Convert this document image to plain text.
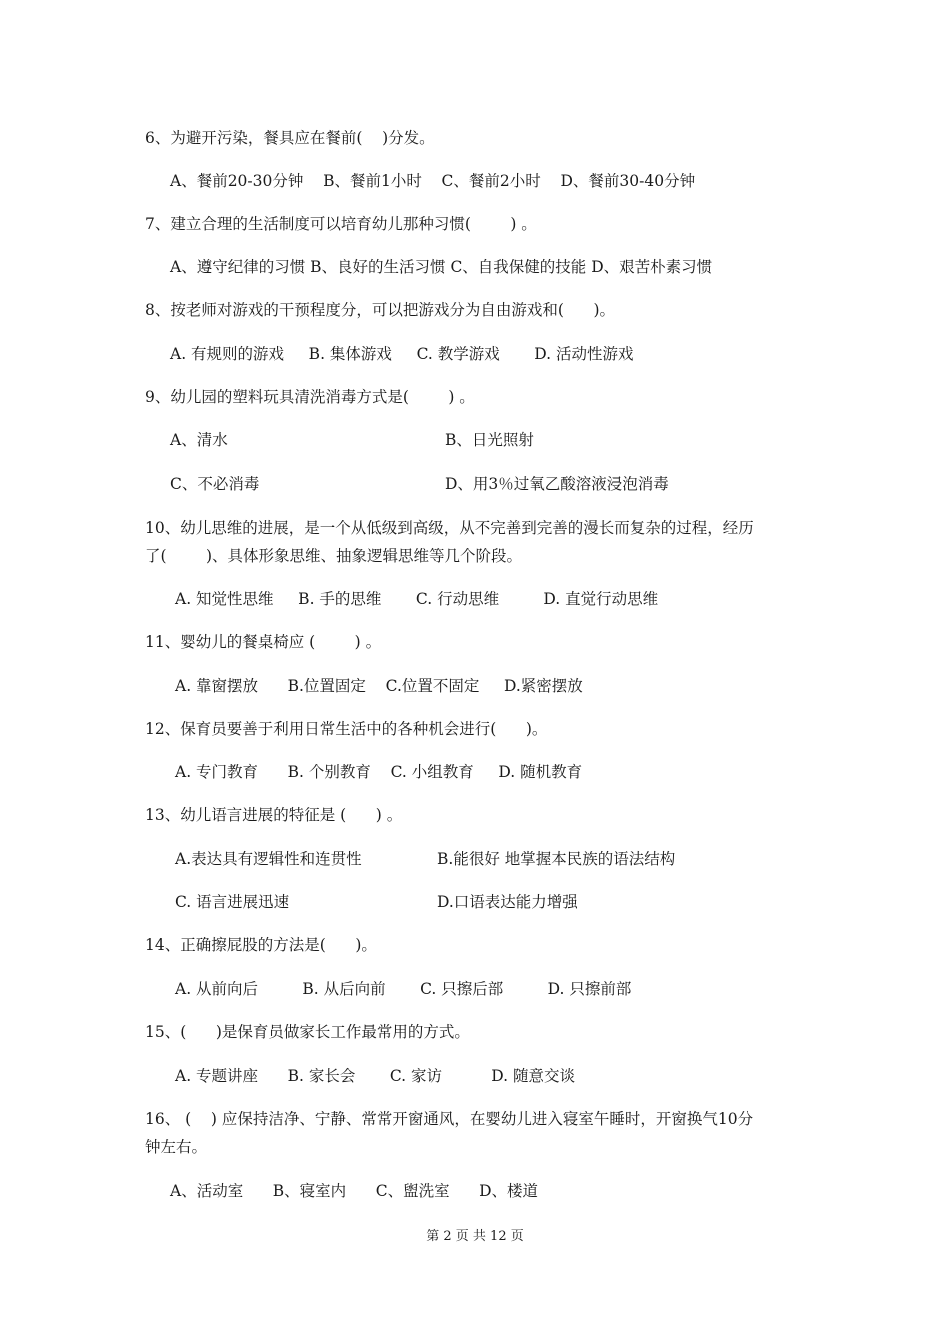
6、为避开污染，餐具应在餐前(    )分发。
A、餐前20-30分钟    B、餐前1小时    C、餐前2小时    D、餐前30-40分钟
7、建立合理的生活制度可以培育幼儿那种习惯(        ) 。
A、遵守纪律的习惯 B、良好的生活习惯 C、自我保健的技能 D、艰苦朴素习惯
8、按老师对游戏的干预程度分，可以把游戏分为自由游戏和(      )。
A. 有规则的游戏     B. 集体游戏     C. 教学游戏       D. 活动性游戏
9、幼儿园的塑料玩具清洗消毒方式是(        ) 。
A、清水	B、日光照射
C、不必消毒	D、用3％过氧乙酸溶液浸泡消毒
10、幼儿思维的进展，是一个从低级到高级，从不完善到完善的漫长而复杂的过程，经历
了(        )、具体形象思维、抽象逻辑思维等几个阶段。
A. 知觉性思维     B. 手的思维       C. 行动思维         D. 直觉行动思维
11、婴幼儿的餐桌椅应 (        ) 。
A. 靠窗摆放      B.位置固定    C.位置不固定     D.紧密摆放
12、保育员要善于利用日常生活中的各种机会进行(      )。
A. 专门教育      B. 个别教育    C. 小组教育     D. 随机教育
13、幼儿语言进展的特征是 (      ) 。
A.表达具有逻辑性和连贯性	B.能很好 地掌握本民族的语法结构
C. 语言进展迅速	D.口语表达能力增强
14、正确擦屁股的方法是(      )。
A. 从前向后         B. 从后向前       C. 只擦后部         D. 只擦前部
15、(      )是保育员做家长工作最常用的方式。
A. 专题讲座      B. 家长会       C. 家访          D. 随意交谈
16、 (    ) 应保持洁净、宁静、常常开窗通风，在婴幼儿进入寝室午睡时，开窗换气10分
钟左右。
A、活动室      B、寝室内      C、盥洗室      D、楼道
第 2 页 共 12 页
